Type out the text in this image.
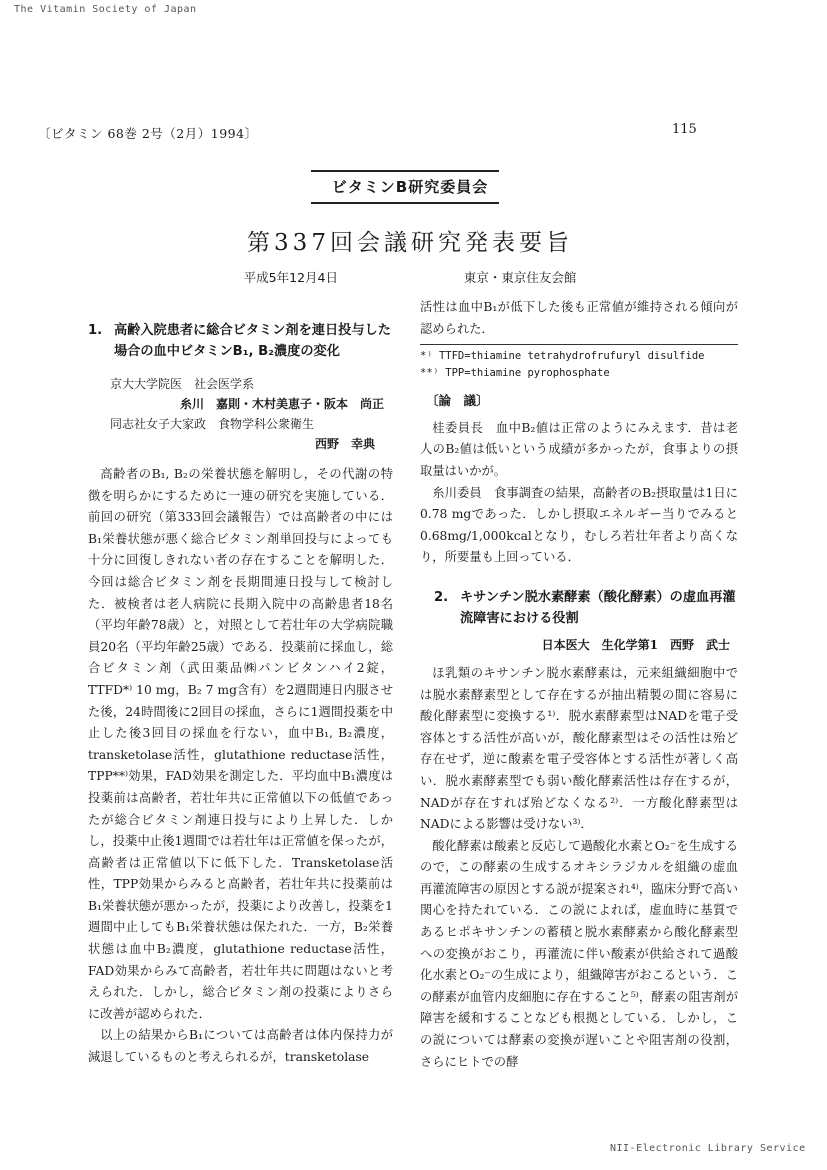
The Vitamin Society of Japan
〔ビタミン 68巻 2号（2月）1994〕	115
ビタミンB研究委員会
第337回会議研究発表要旨
平成5年12月4日	東京・東京住友会館
1. 高齢入院患者に総合ビタミン剤を連日投与した場合の血中ビタミンB₁, B₂濃度の変化
京大大学院医　社会医学系
糸川　嘉則・木村美恵子・阪本　尚正
同志社女子大家政　食物学科公衆衛生
西野　幸典

高齢者のB₁, B₂の栄養状態を解明し，その代謝の特徴を明らかにするために一連の研究を実施している．前回の研究（第333回会議報告）では高齢者の中にはB₁栄養状態が悪く総合ビタミン剤単回投与によっても十分に回復しきれない者の存在することを解明した．今回は総合ビタミン剤を長期間連日投与して検討した．被検者は老人病院に長期入院中の高齢患者18名（平均年齢78歳）と，対照として若壮年の大学病院職員20名（平均年齢25歳）である．投薬前に採血し，総合ビタミン剤（武田薬品㈱パンビタンハイ2錠，TTFD*⁾ 10 mg，B₂ 7 mg含有）を2週間連日内服させた後，24時間後に2回目の採血，さらに1週間投薬を中止した後3回目の採血を行ない，血中B₁, B₂濃度，transketolase活性，glutathione reductase活性，TPP**⁾効果，FAD効果を測定した．平均血中B₁濃度は投薬前は高齢者，若壮年共に正常値以下の低値であったが総合ビタミン剤連日投与により上昇した．しかし，投薬中止後1週間では若壮年は正常値を保ったが，高齢者は正常値以下に低下した．Transketolase活性，TPP効果からみると高齢者，若壮年共に投薬前はB₁栄養状態が悪かったが，投薬により改善し，投薬を1週間中止してもB₁栄養状態は保たれた．一方，B₂栄養状態は血中B₂濃度，glutathione reductase活性，FAD効果からみて高齢者，若壮年共に問題はないと考えられた．しかし，総合ビタミン剤の投薬によりさらに改善が認められた．

以上の結果からB₁については高齢者は体内保持力が減退しているものと考えられるが，transketolase

活性は血中B₁が低下した後も正常値が維持される傾向が認められた．

*⁾ TTFD=thiamine tetrahydrofrufuryl disulfide
**⁾ TPP=thiamine pyrophosphate
〔論　議〕

桂委員長　血中B₂値は正常のようにみえます．昔は老人のB₂値は低いという成績が多かったが，食事よりの摂取量はいかが。

糸川委員　食事調査の結果，高齢者のB₂摂取量は1日に0.78 mgであった．しかし摂取エネルギー当りでみると0.68mg/1,000kcalとなり，むしろ若壮年者より高くなり，所要量も上回っている．

2. キサンチン脱水素酵素（酸化酵素）の虚血再灌流障害における役割
日本医大　生化学第1　西野　武士

ほ乳類のキサンチン脱水素酵素は，元来組織細胞中では脱水素酵素型として存在するが抽出精製の間に容易に酸化酵素型に変換する¹⁾．脱水素酵素型はNADを電子受容体とする活性が高いが，酸化酵素型はその活性は殆ど存在せず，逆に酸素を電子受容体とする活性が著しく高い．脱水素酵素型でも弱い酸化酵素活性は存在するが，NADが存在すれば殆どなくなる²⁾．一方酸化酵素型はNADによる影響は受けない³⁾．

酸化酵素は酸素と反応して過酸化水素とO₂⁻を生成するので，この酵素の生成するオキシラジカルを組織の虚血再灌流障害の原因とする説が提案され⁴⁾，臨床分野で高い関心を持たれている．この説によれば，虚血時に基質であるヒポキサンチンの蓄積と脱水素酵素から酸化酵素型への変換がおこり，再灌流に伴い酸素が供給されて過酸化水素とO₂⁻の生成により，組織障害がおこるという．この酵素が血管内皮細胞に存在すること⁵⁾，酵素の阻害剤が障害を緩和することなども根拠としている．しかし，この説については酵素の変換が遅いことや阻害剤の役割，さらにヒトでの酵

NII-Electronic Library Service
